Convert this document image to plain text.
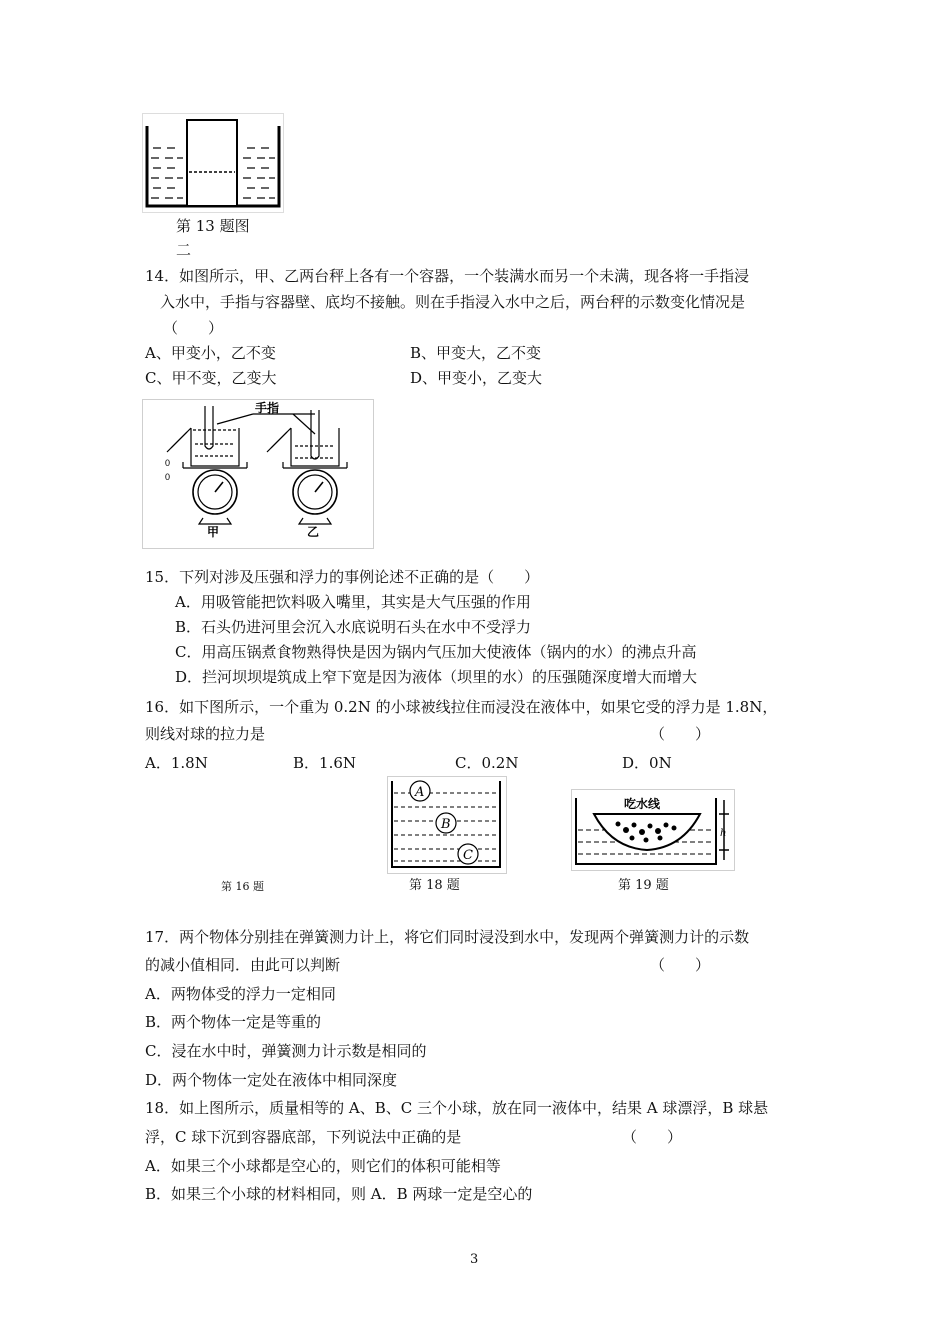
第 13 题图
二
14．如图所示，甲、乙两台秤上各有一个容器，一个装满水而另一个未满，现各将一手指浸
入水中，手指与容器壁、底均不接触。则在手指浸入水中之后，两台秤的示数变化情况是
（　　）
A、甲变小，乙不变	B、甲变大，乙不变
C、甲不变，乙变大	D、甲变小，乙变大
手指
甲	乙
0
0
15．下列对涉及压强和浮力的事例论述不正确的是（　　）
A．用吸管能把饮料吸入嘴里，其实是大气压强的作用
B．石头仍进河里会沉入水底说明石头在水中不受浮力
C．用高压锅煮食物熟得快是因为锅内气压加大使液体（锅内的水）的沸点升高
D．拦河坝坝堤筑成上窄下宽是因为液体（坝里的水）的压强随深度增大而增大
16．如下图所示，一个重为 0.2N 的小球被线拉住而浸没在液体中，如果它受的浮力是 1.8N，
则线对球的拉力是	（　　）
A．1.8N	B．1.6N	C．0.2N	D．0N
A
B
C
吃水线
h
第 16 题	第 18 题	第 19 题
17．两个物体分别挂在弹簧测力计上，将它们同时浸没到水中，发现两个弹簧测力计的示数
的减小值相同．由此可以判断	（　　）
A．两物体受的浮力一定相同
B．两个物体一定是等重的
C．浸在水中时，弹簧测力计示数是相同的
D．两个物体一定处在液体中相同深度
18．如上图所示，质量相等的 A、B、C 三个小球，放在同一液体中，结果 A 球漂浮，B 球悬
浮，C 球下沉到容器底部，下列说法中正确的是	（　　）
A．如果三个小球都是空心的，则它们的体积可能相等
B．如果三个小球的材料相同，则 A．B 两球一定是空心的
3
